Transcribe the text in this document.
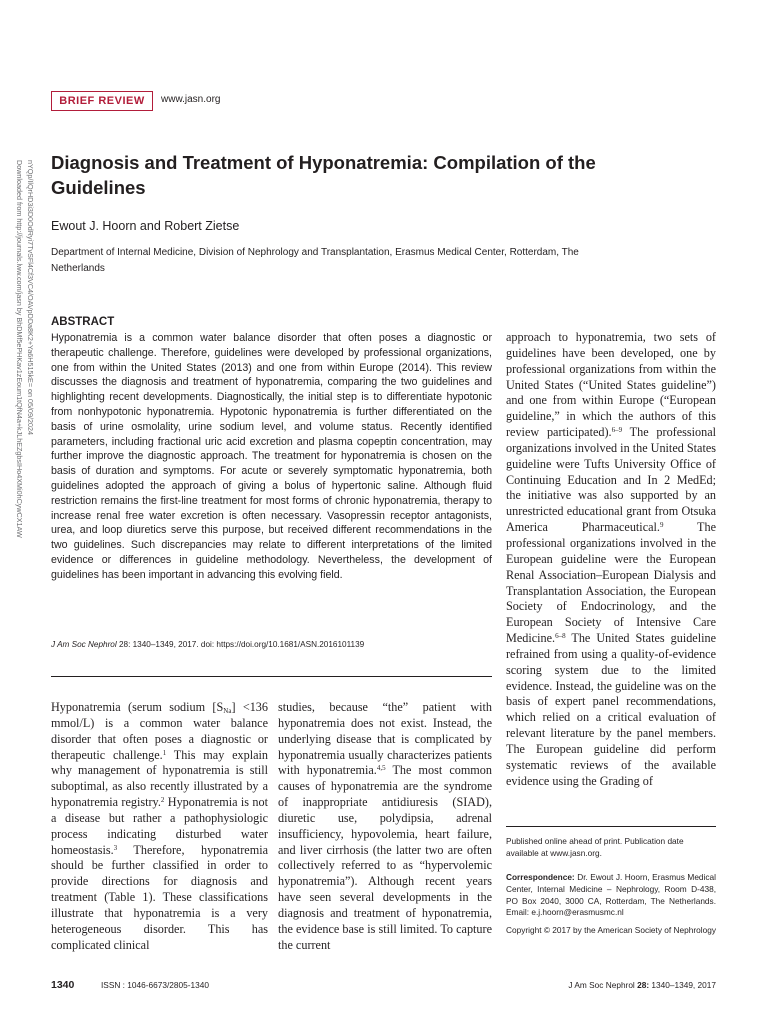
BRIEF REVIEW	www.jasn.org
Downloaded from http://journals.lww.com/jasn by BhDMf5ePHKav1zEoum1tQfN4a+kJLhEZgbsIHo4XMi0hCywCX1AW nYQp/IlQrHD3i3D0OdRyi7TvSFl4Cf3VC4/OAVpDDa8K2+Ya6H515kE= on 05/09/2024 Diagnosis and Treatment of Hyponatremia: Compilation of the Guidelines
Ewout J. Hoorn and Robert Zietse
Department of Internal Medicine, Division of Nephrology and Transplantation, Erasmus Medical Center, Rotterdam, The Netherlands
ABSTRACT
Hyponatremia is a common water balance disorder that often poses a diagnostic or therapeutic challenge. Therefore, guidelines were developed by professional organizations, one from within the United States (2013) and one from within Europe (2014). This review discusses the diagnosis and treatment of hyponatremia, comparing the two guidelines and highlighting recent developments. Diagnostically, the initial step is to differentiate hypotonic from nonhypotonic hyponatremia. Hypotonic hyponatremia is further differentiated on the basis of urine osmolality, urine sodium level, and volume status. Recently identified parameters, including fractional uric acid excretion and plasma copeptin concentration, may further improve the diagnostic approach. The treatment for hyponatremia is chosen on the basis of duration and symptoms. For acute or severely symptomatic hyponatremia, both guidelines adopted the approach of giving a bolus of hypertonic saline. Although fluid restriction remains the first-line treatment for most forms of chronic hyponatremia, therapy to increase renal free water excretion is often necessary. Vasopressin receptor antagonists, urea, and loop diuretics serve this purpose, but received different recommendations in the two guidelines. Such discrepancies may relate to different interpretations of the limited evidence or differences in guideline methodology. Nevertheless, the development of guidelines has been important in advancing this evolving field.
J Am Soc Nephrol 28: 1340–1349, 2017. doi: https://doi.org/10.1681/ASN.2016101139
Hyponatremia (serum sodium $[S_{Na}] <136$ mmol/L) is a common water balance disorder that often poses a diagnostic or therapeutic challenge.$^1$ This may explain why management of hyponatremia is still suboptimal, as also recently illustrated by a hyponatremia registry.$^2$ Hyponatremia is not a disease but rather a pathophysiologic process indicating disturbed water homeostasis.$^3$ Therefore, hyponatremia should be further classified in order to provide directions for diagnosis and treatment (Table 1). These classifications illustrate that hyponatremia is a very heterogeneous disorder. This has complicated clinical
studies, because “the” patient with hyponatremia does not exist. Instead, the underlying disease that is complicated by hyponatremia usually characterizes patients with hyponatremia.$^{4,5}$ The most common causes of hyponatremia are the syndrome of inappropriate antidiuresis (SIAD), diuretic use, polydipsia, adrenal insufficiency, hypovolemia, heart failure, and liver cirrhosis (the latter two are often collectively referred to as “hypervolemic hyponatremia”). Although recent years have seen several developments in the diagnosis and treatment of hyponatremia, the evidence base is still limited. To capture the current
approach to hyponatremia, two sets of guidelines have been developed, one by professional organizations from within the United States (“United States guideline”) and one from within Europe (“European guideline,” in which the authors of this review participated).$^{6-9}$ The professional organizations involved in the United States guideline were Tufts University Office of Continuing Education and In 2 MedEd; the initiative was also supported by an unrestricted educational grant from Otsuka America Pharmaceutical.$^9$ The professional organizations involved in the European guideline were the European Renal Association–European Dialysis and Transplantation Association, the European Society of Endocrinology, and the European Society of Intensive Care Medicine.$^{6-8}$ The United States guideline refrained from using a quality-of-evidence scoring system due to the limited evidence. Instead, the guideline was on the basis of expert panel recommendations, which relied on a critical evaluation of relevant literature by the panel members. The European guideline did perform systematic reviews of the available evidence using the Grading of
Published online ahead of print. Publication date available at www.jasn.org.
Correspondence: Dr. Ewout J. Hoorn, Erasmus Medical Center, Internal Medicine – Nephrology, Room D-438, PO Box 2040, 3000 CA, Rotterdam, The Netherlands. Email: e.j.hoorn@erasmusmc.nl
Copyright © 2017 by the American Society of Nephrology
1340	ISSN : 1046-6673/2805-1340	J Am Soc Nephrol 28: 1340–1349, 2017
